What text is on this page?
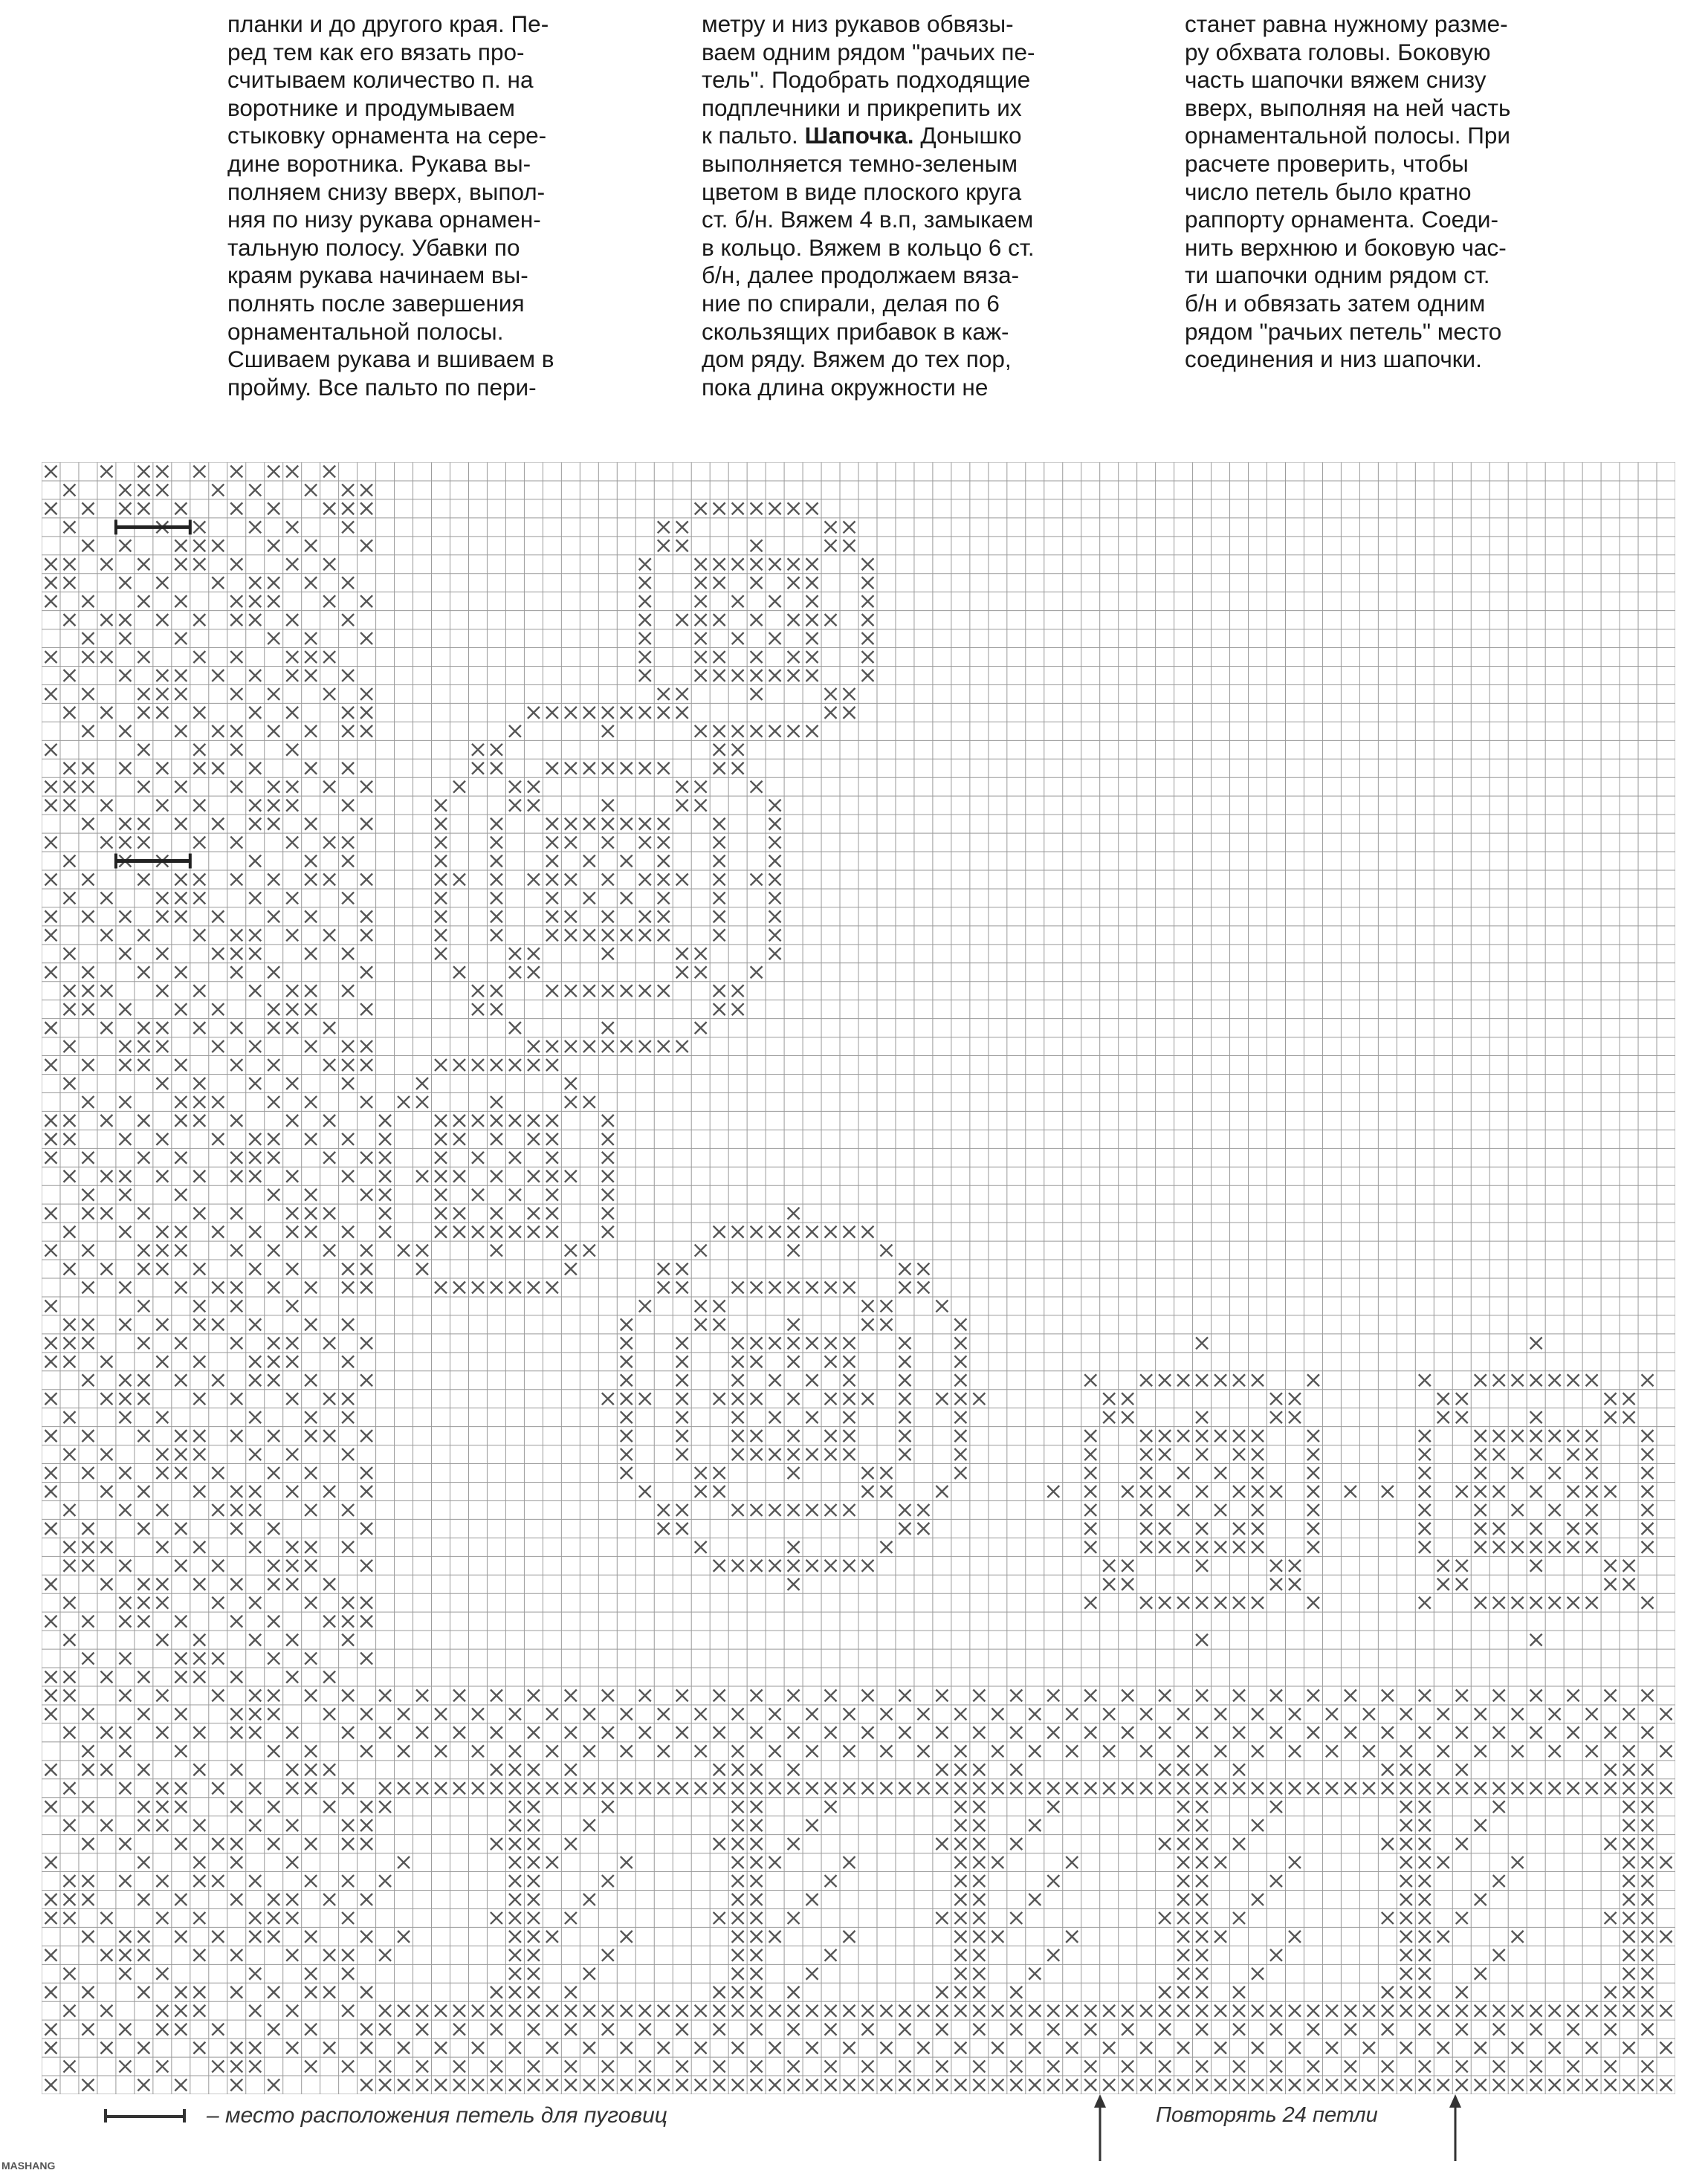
планки и до другого края. Пе-

ред тем как его вязать про-

считываем количество п. на

воротнике и продумываем

стыковку орнамента на сере-

дине воротника. Рукава вы-

полняем снизу вверх, выпол-

няя по низу рукава орнамен-

тальную полосу. Убавки по

краям рукава начинаем вы-

полнять после завершения

орнаментальной полосы.

Сшиваем рукава и вшиваем в

пройму. Все пальто по пери-

метру и низ рукавов обвязы-

ваем одним рядом "рачьих пе-

тель". Подобрать подходящие

подплечники и прикрепить их

к пальто. Шапочка. Донышко

выполняется темно-зеленым

цветом в виде плоского круга

ст. б/н. Вяжем 4 в.п, замыкаем

в кольцо. Вяжем в кольцо 6 ст.

б/н, далее продолжаем вяза-

ние по спирали, делая по 6

скользящих прибавок в каж-

дом ряду. Вяжем до тех пор,

пока длина окружности не

станет равна нужному разме-

ру обхвата головы. Боковую

часть шапочки вяжем снизу

вверх, выполняя на ней часть

орнаментальной полосы. При

расчете проверить, чтобы

число петель было кратно

раппорту орнамента. Соеди-

нить верхнюю и боковую час-

ти шапочки одним рядом ст.

б/н и обвязать затем одним

рядом "рачьих петель" место

соединения и низ шапочки.

– место расположения петель для пуговиц	Повторять 24 петли
MASHANG
